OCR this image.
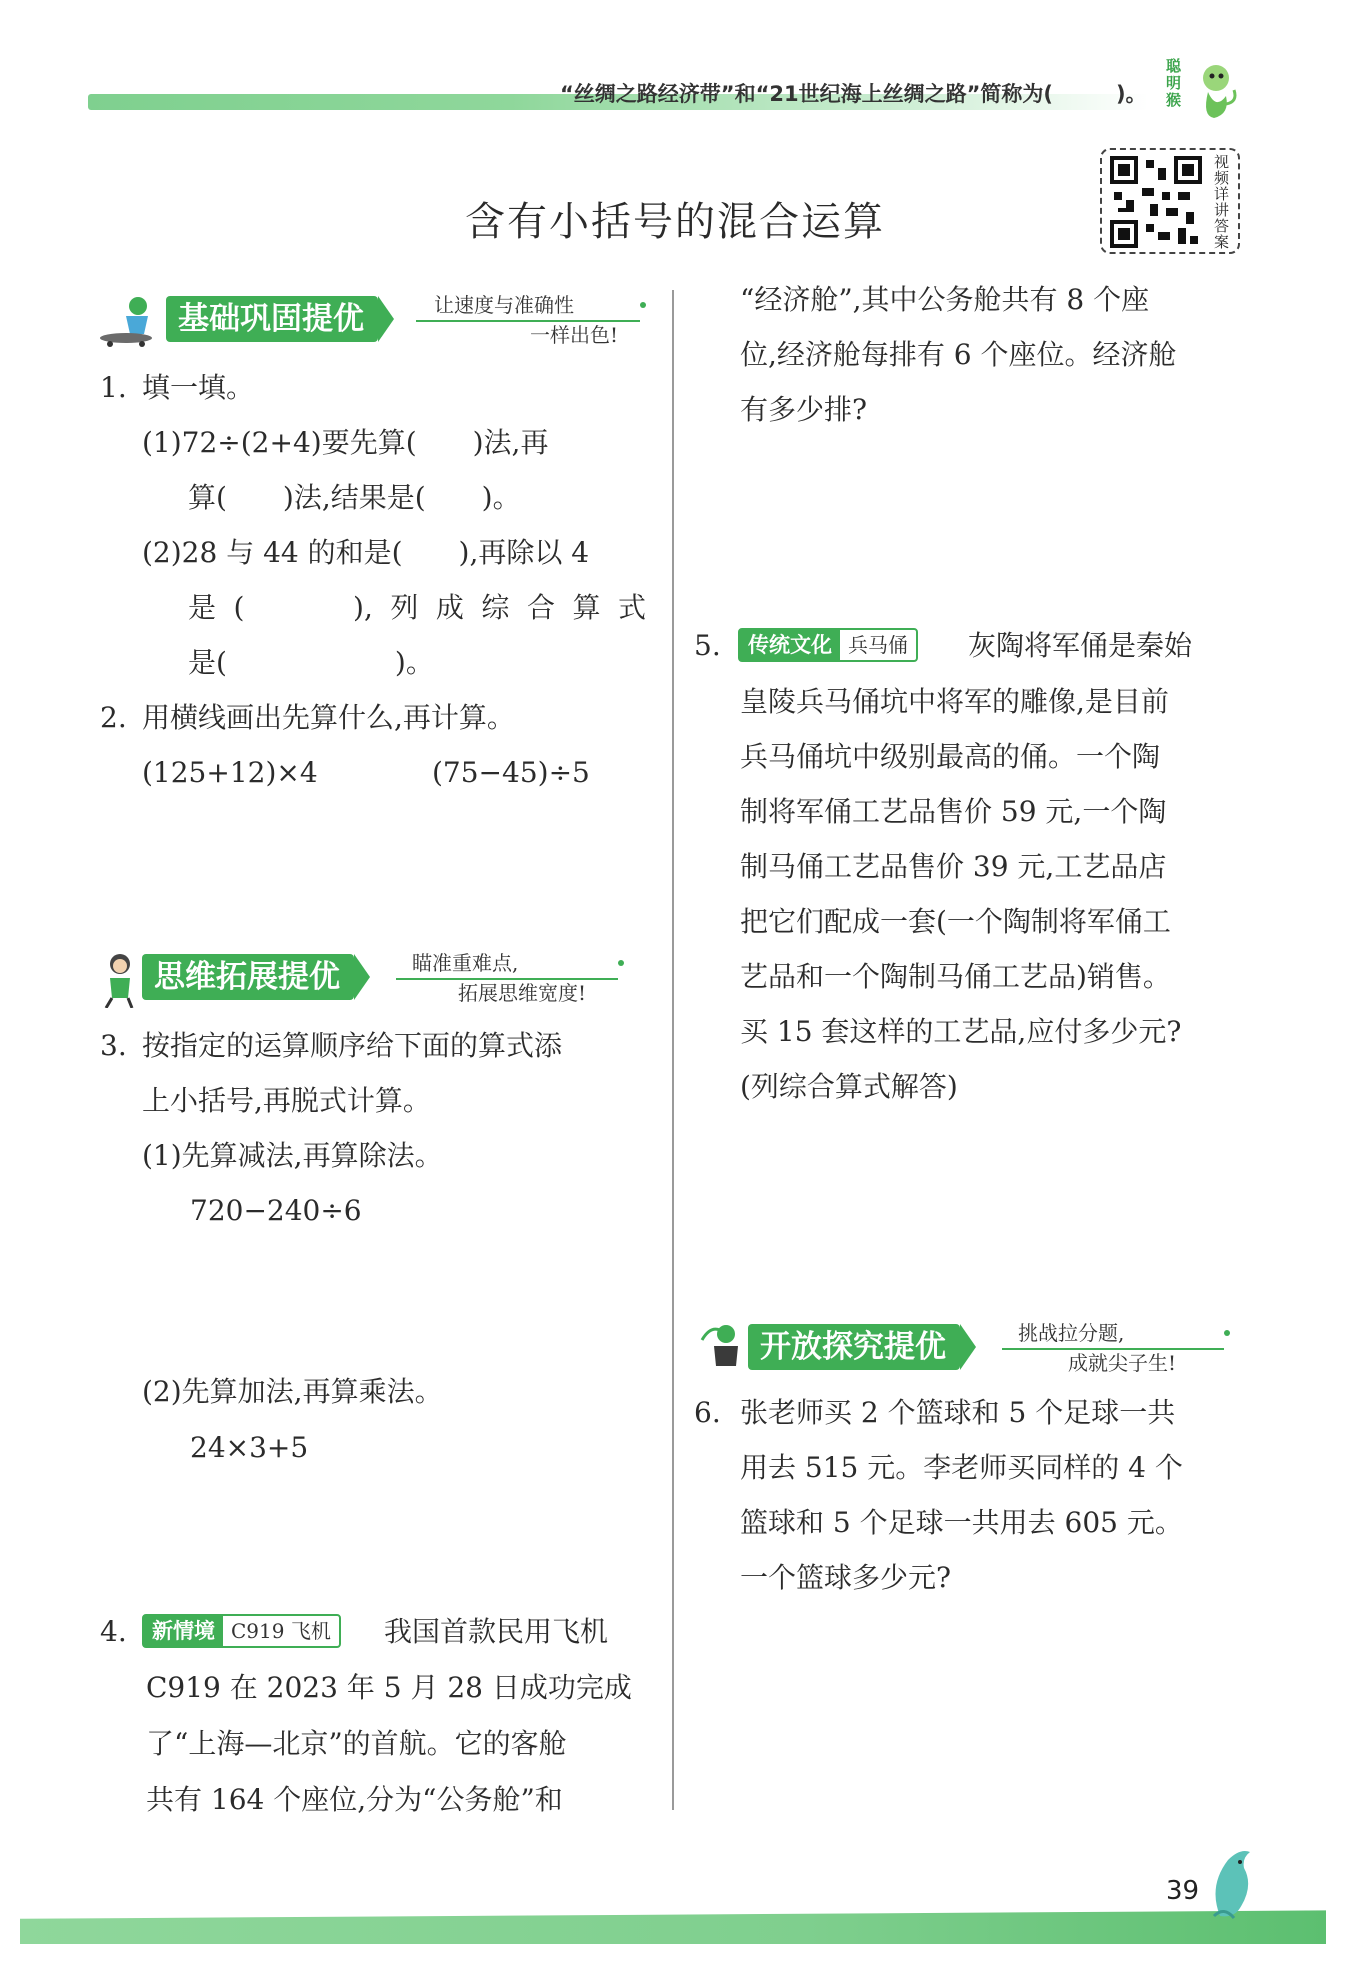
“丝绸之路经济带”和“21世纪海上丝绸之路”简称为(　　　)。
聪明猴
含有小括号的混合运算
视频详讲答案
基础巩固提优	让速度与准确性
一样出色!
1. 填一填。
(1)72÷(2+4)要先算(　　)法,再
算(　　)法,结果是(　　)。
(2)28 与 44 的和是(　　),再除以 4
是(　　),列成综合算式
是(　　　　　　)。
2. 用横线画出先算什么,再计算。
(125+12)×4	(75−45)÷5
思维拓展提优	瞄准重难点,
拓展思维宽度!
3. 按指定的运算顺序给下面的算式添
上小括号,再脱式计算。
(1)先算减法,再算除法。
720−240÷6
(2)先算加法,再算乘法。
24×3+5
4.	新情境 C919 飞机	我国首款民用飞机
C919 在 2023 年 5 月 28 日成功完成
了“上海—北京”的首航。它的客舱
共有 164 个座位,分为“公务舱”和
“经济舱”,其中公务舱共有 8 个座
位,经济舱每排有 6 个座位。经济舱
有多少排?
5.	传统文化 兵马俑	灰陶将军俑是秦始
皇陵兵马俑坑中将军的雕像,是目前
兵马俑坑中级别最高的俑。一个陶
制将军俑工艺品售价 59 元,一个陶
制马俑工艺品售价 39 元,工艺品店
把它们配成一套(一个陶制将军俑工
艺品和一个陶制马俑工艺品)销售。
买 15 套这样的工艺品,应付多少元?
(列综合算式解答)
开放探究提优	挑战拉分题,
成就尖子生!
6. 张老师买 2 个篮球和 5 个足球一共
用去 515 元。李老师买同样的 4 个
篮球和 5 个足球一共用去 605 元。
一个篮球多少元?
39
